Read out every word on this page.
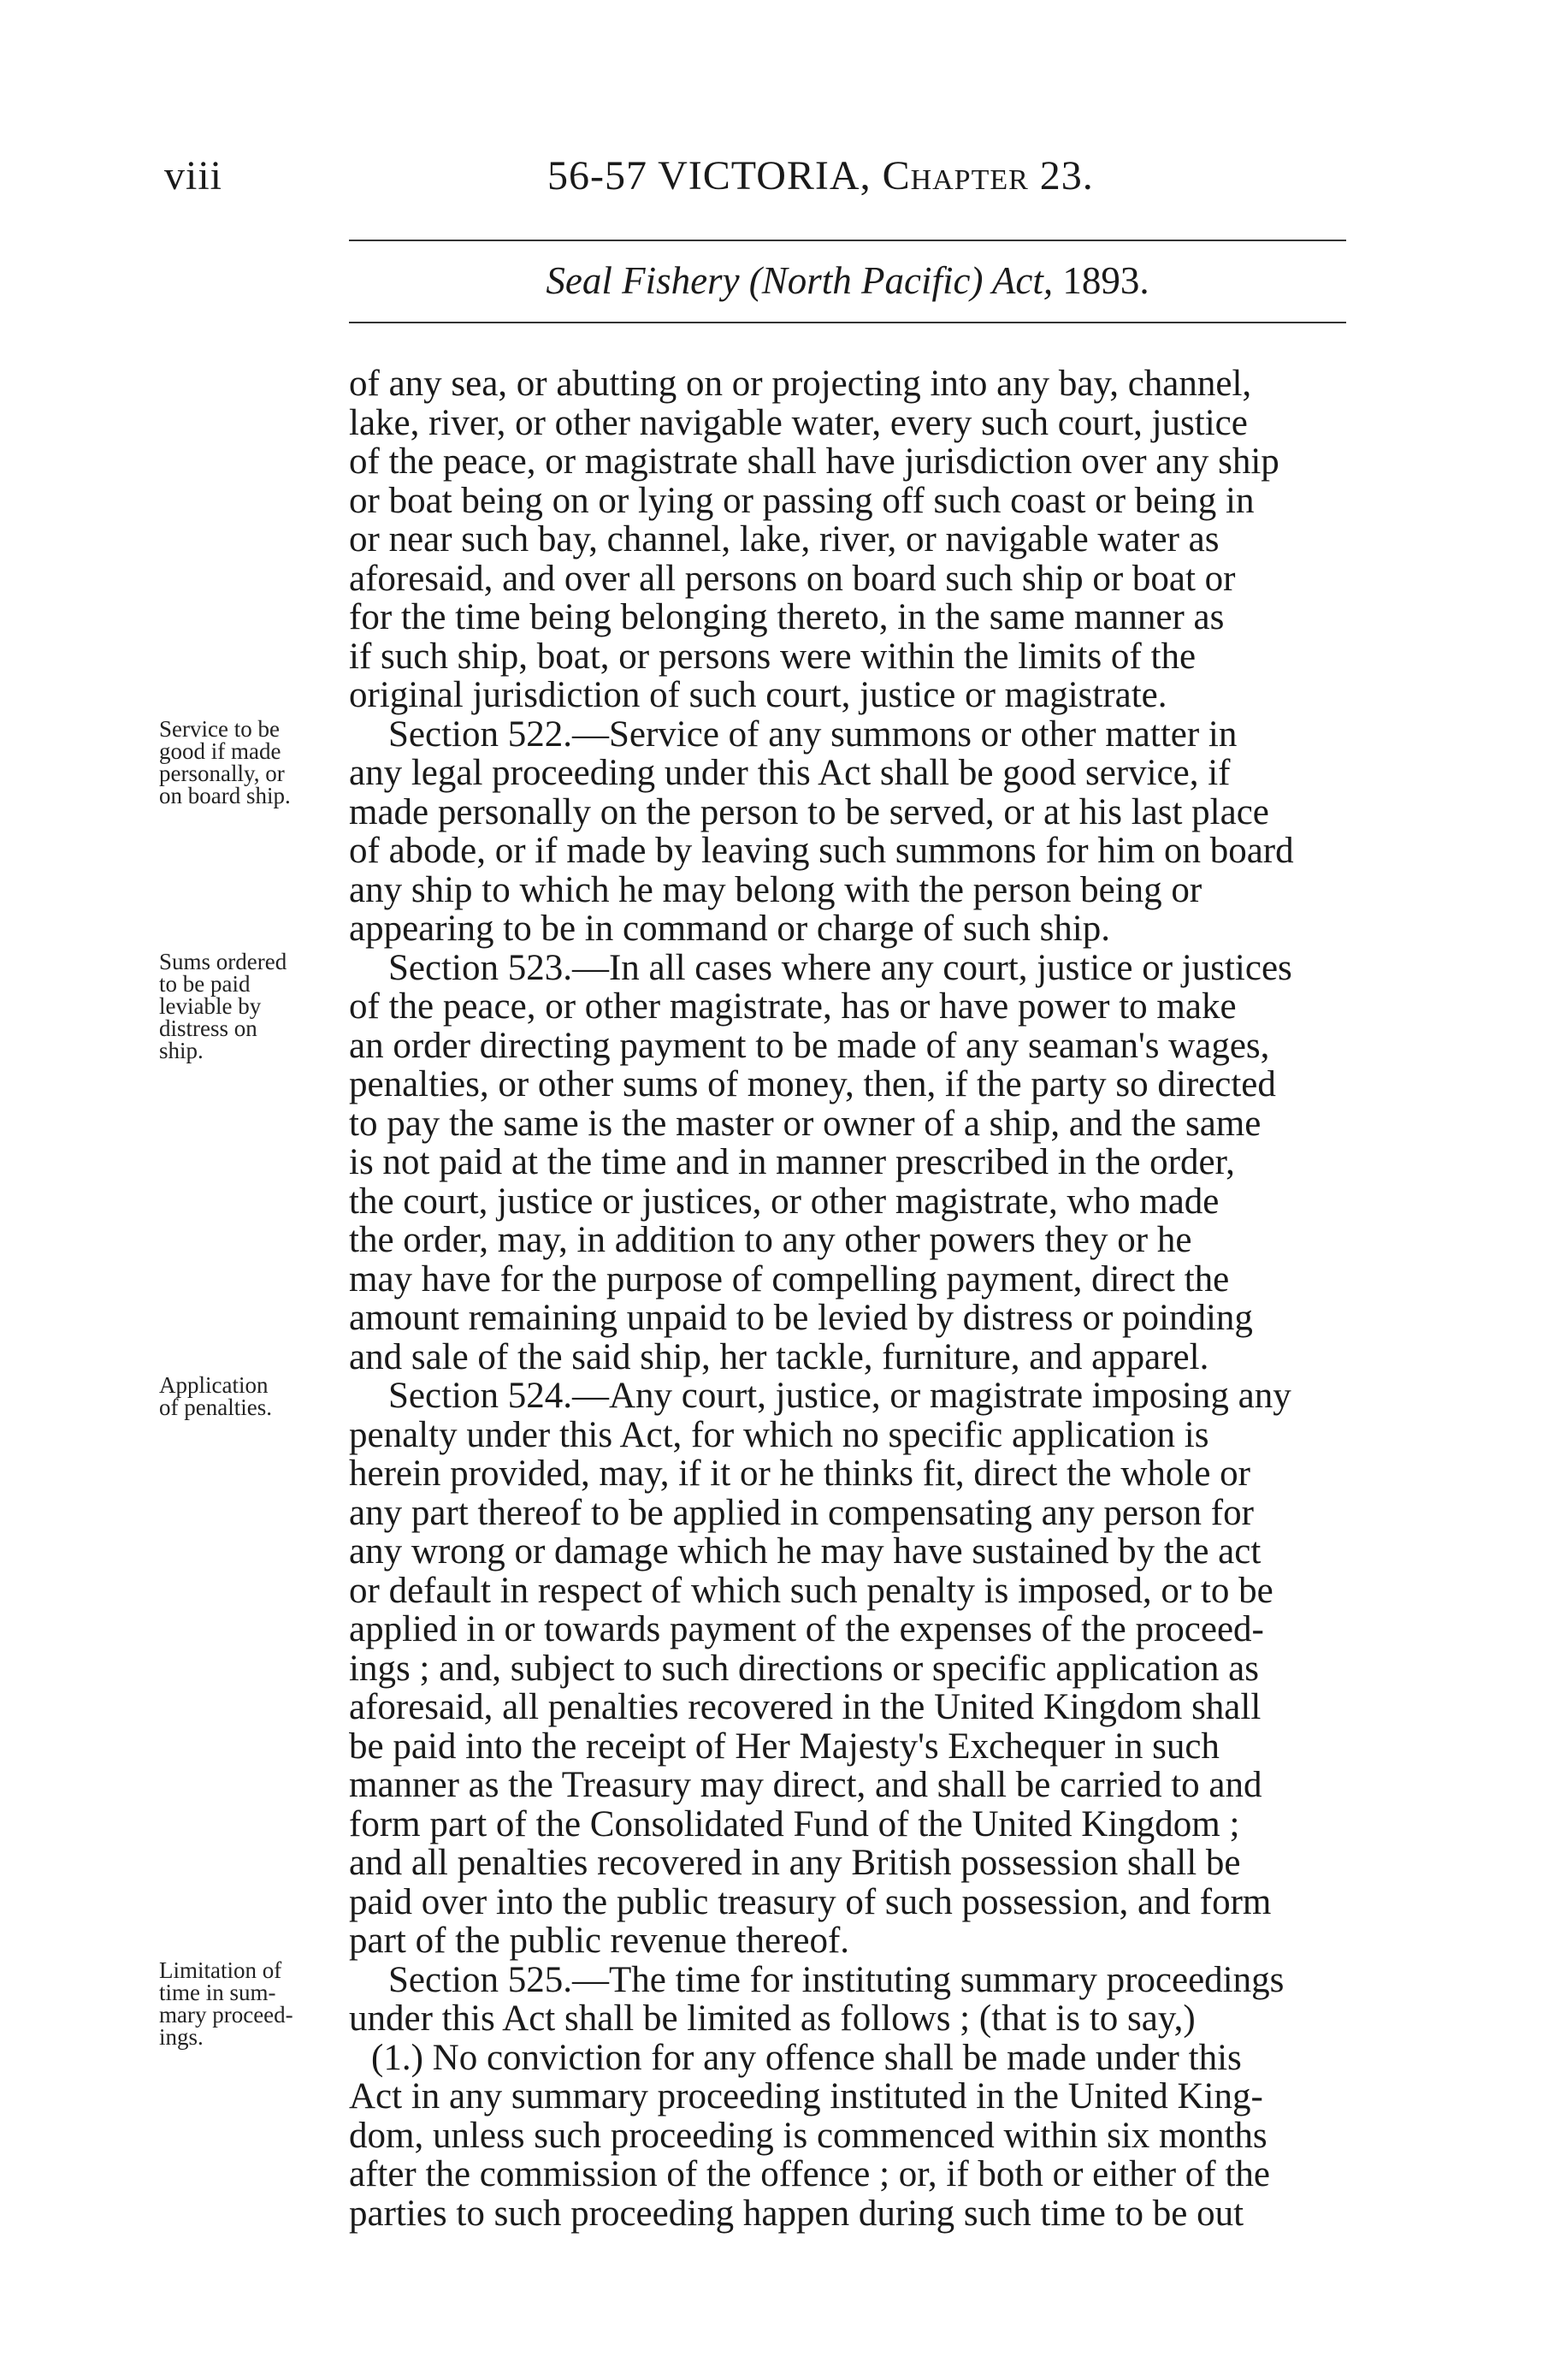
viii	56-57 VICTORIA, Chapter 23.
Seal Fishery (North Pacific) Act, 1893.
Service to be
good if made
personally, or
on board ship.
Sums ordered
to be paid
leviable by
distress on
ship.
Application
of penalties.
Limitation of
time in sum-
mary proceed-
ings.
of any sea, or abutting on or projecting into any bay, channel,
lake, river, or other navigable water, every such court, justice
of the peace, or magistrate shall have jurisdiction over any ship
or boat being on or lying or passing off such coast or being in
or near such bay, channel, lake, river, or navigable water as
aforesaid, and over all persons on board such ship or boat or
for the time being belonging thereto, in the same manner as
if such ship, boat, or persons were within the limits of the
original jurisdiction of such court, justice or magistrate.
Section 522.—Service of any summons or other matter in
any legal proceeding under this Act shall be good service, if
made personally on the person to be served, or at his last place
of abode, or if made by leaving such summons for him on board
any ship to which he may belong with the person being or
appearing to be in command or charge of such ship.
Section 523.—In all cases where any court, justice or justices
of the peace, or other magistrate, has or have power to make
an order directing payment to be made of any seaman's wages,
penalties, or other sums of money, then, if the party so directed
to pay the same is the master or owner of a ship, and the same
is not paid at the time and in manner prescribed in the order,
the court, justice or justices, or other magistrate, who made
the order, may, in addition to any other powers they or he
may have for the purpose of compelling payment, direct the
amount remaining unpaid to be levied by distress or poinding
and sale of the said ship, her tackle, furniture, and apparel.
Section 524.—Any court, justice, or magistrate imposing any
penalty under this Act, for which no specific application is
herein provided, may, if it or he thinks fit, direct the whole or
any part thereof to be applied in compensating any person for
any wrong or damage which he may have sustained by the act
or default in respect of which such penalty is imposed, or to be
applied in or towards payment of the expenses of the proceed-
ings ; and, subject to such directions or specific application as
aforesaid, all penalties recovered in the United Kingdom shall
be paid into the receipt of Her Majesty's Exchequer in such
manner as the Treasury may direct, and shall be carried to and
form part of the Consolidated Fund of the United Kingdom ;
and all penalties recovered in any British possession shall be
paid over into the public treasury of such possession, and form
part of the public revenue thereof.
Section 525.—The time for instituting summary proceedings
under this Act shall be limited as follows ; (that is to say,)
(1.) No conviction for any offence shall be made under this
Act in any summary proceeding instituted in the United King-
dom, unless such proceeding is commenced within six months
after the commission of the offence ; or, if both or either of the
parties to such proceeding happen during such time to be out
